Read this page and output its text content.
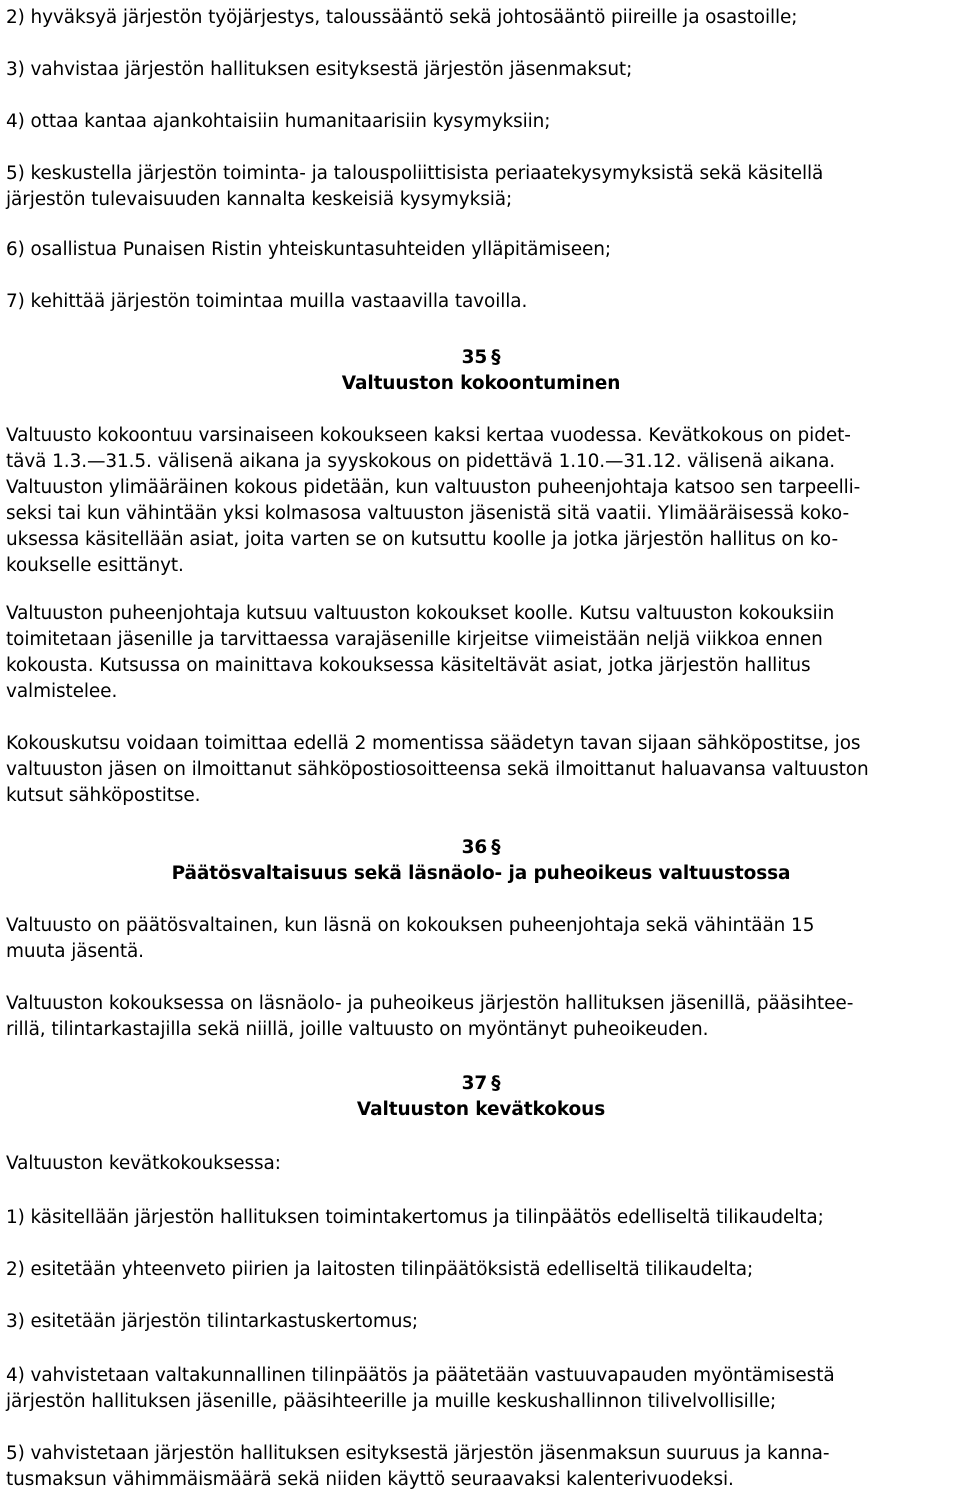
2) hyväksyä järjestön työjärjestys, taloussääntö sekä johtosääntö piireille ja osastoille;
3) vahvistaa järjestön hallituksen esityksestä järjestön jäsenmaksut;
4) ottaa kantaa ajankohtaisiin humanitaarisiin kysymyksiin;
5) keskustella järjestön toiminta- ja talouspoliittisista periaatekysymyksistä sekä käsitellä
järjestön tulevaisuuden kannalta keskeisiä kysymyksiä;
6) osallistua Punaisen Ristin yhteiskuntasuhteiden ylläpitämiseen;
7) kehittää järjestön toimintaa muilla vastaavilla tavoilla.
35 §
Valtuuston kokoontuminen
Valtuusto kokoontuu varsinaiseen kokoukseen kaksi kertaa vuodessa. Kevätkokous on pidet-
tävä 1.3.—31.5. välisenä aikana ja syyskokous on pidettävä 1.10.—31.12. välisenä aikana.
Valtuuston ylimääräinen kokous pidetään, kun valtuuston puheenjohtaja katsoo sen tarpeelli-
seksi tai kun vähintään yksi kolmasosa valtuuston jäsenistä sitä vaatii. Ylimääräisessä koko-
uksessa käsitellään asiat, joita varten se on kutsuttu koolle ja jotka järjestön hallitus on ko-
koukselle esittänyt.
Valtuuston puheenjohtaja kutsuu valtuuston kokoukset koolle. Kutsu valtuuston kokouksiin
toimitetaan jäsenille ja tarvittaessa varajäsenille kirjeitse viimeistään neljä viikkoa ennen
kokousta. Kutsussa on mainittava kokouksessa käsiteltävät asiat, jotka järjestön hallitus
valmistelee.
Kokouskutsu voidaan toimittaa edellä 2 momentissa säädetyn tavan sijaan sähköpostitse, jos
valtuuston jäsen on ilmoittanut sähköpostiosoitteensa sekä ilmoittanut haluavansa valtuuston
kutsut sähköpostitse.
36 §
Päätösvaltaisuus sekä läsnäolo- ja puheoikeus valtuustossa
Valtuusto on päätösvaltainen, kun läsnä on kokouksen puheenjohtaja sekä vähintään 15
muuta jäsentä.
Valtuuston kokouksessa on läsnäolo- ja puheoikeus järjestön hallituksen jäsenillä, pääsihtee-
rillä, tilintarkastajilla sekä niillä, joille valtuusto on myöntänyt puheoikeuden.
37 §
Valtuuston kevätkokous
Valtuuston kevätkokouksessa:
1) käsitellään järjestön hallituksen toimintakertomus ja tilinpäätös edelliseltä tilikaudelta;
2) esitetään yhteenveto piirien ja laitosten tilinpäätöksistä edelliseltä tilikaudelta;
3) esitetään järjestön tilintarkastuskertomus;
4) vahvistetaan valtakunnallinen tilinpäätös ja päätetään vastuuvapauden myöntämisestä
järjestön hallituksen jäsenille, pääsihteerille ja muille keskushallinnon tilivelvollisille;
5) vahvistetaan järjestön hallituksen esityksestä järjestön jäsenmaksun suuruus ja kanna-
tusmaksun vähimmäismäärä sekä niiden käyttö seuraavaksi kalenterivuodeksi.
